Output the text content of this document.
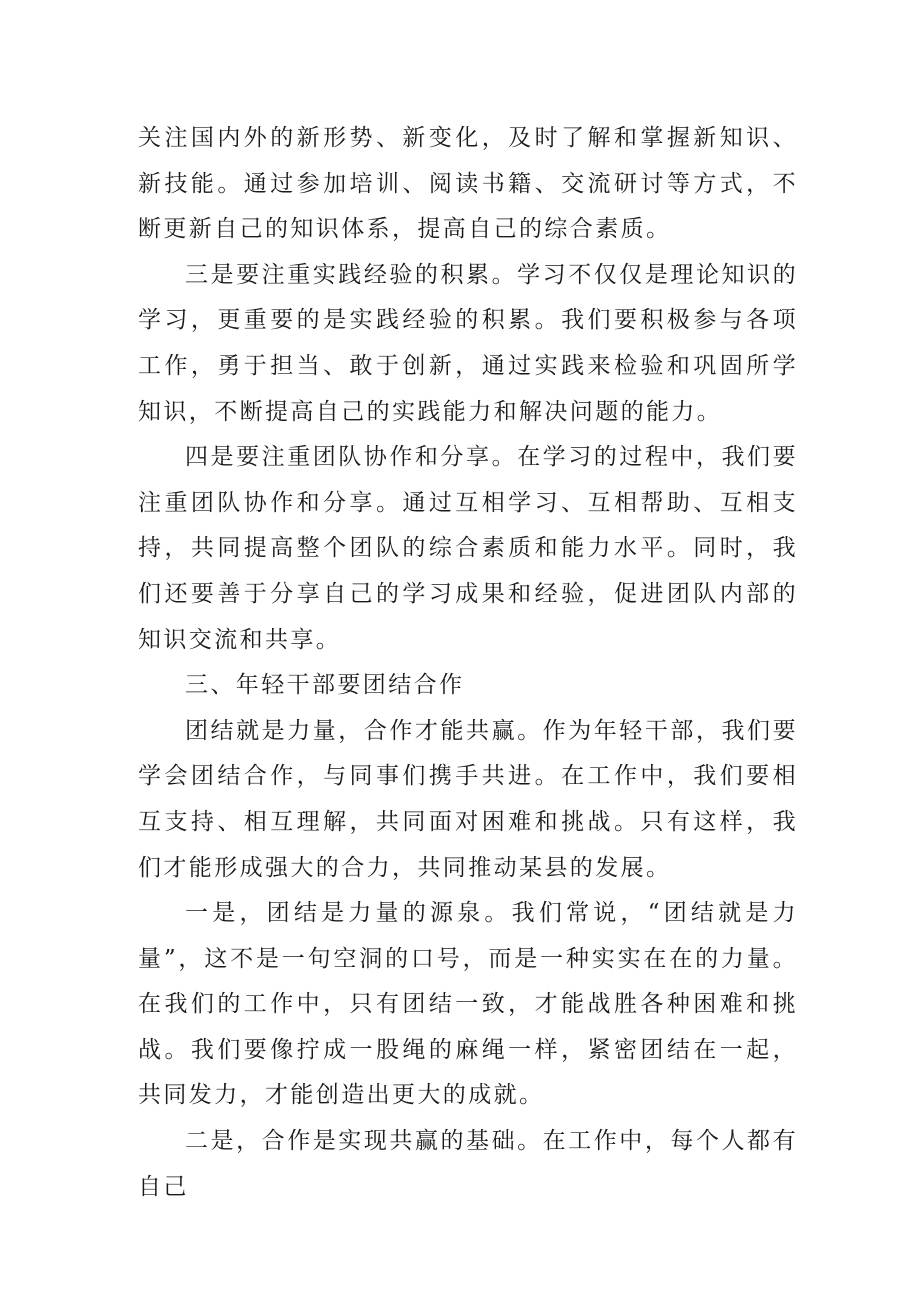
关注国内外的新形势、新变化，及时了解和掌握新知识、新技能。通过参加培训、阅读书籍、交流研讨等方式，不断更新自己的知识体系，提高自己的综合素质。

三是要注重实践经验的积累。学习不仅仅是理论知识的学习，更重要的是实践经验的积累。我们要积极参与各项工作，勇于担当、敢于创新，通过实践来检验和巩固所学知识，不断提高自己的实践能力和解决问题的能力。

四是要注重团队协作和分享。在学习的过程中，我们要注重团队协作和分享。通过互相学习、互相帮助、互相支持，共同提高整个团队的综合素质和能力水平。同时，我们还要善于分享自己的学习成果和经验，促进团队内部的知识交流和共享。

三、年轻干部要团结合作

团结就是力量，合作才能共赢。作为年轻干部，我们要学会团结合作，与同事们携手共进。在工作中，我们要相互支持、相互理解，共同面对困难和挑战。只有这样，我们才能形成强大的合力，共同推动某县的发展。

一是，团结是力量的源泉。我们常说，“团结就是力量”，这不是一句空洞的口号，而是一种实实在在的力量。在我们的工作中，只有团结一致，才能战胜各种困难和挑战。我们要像拧成一股绳的麻绳一样，紧密团结在一起，共同发力，才能创造出更大的成就。

二是，合作是实现共赢的基础。在工作中，每个人都有自己
